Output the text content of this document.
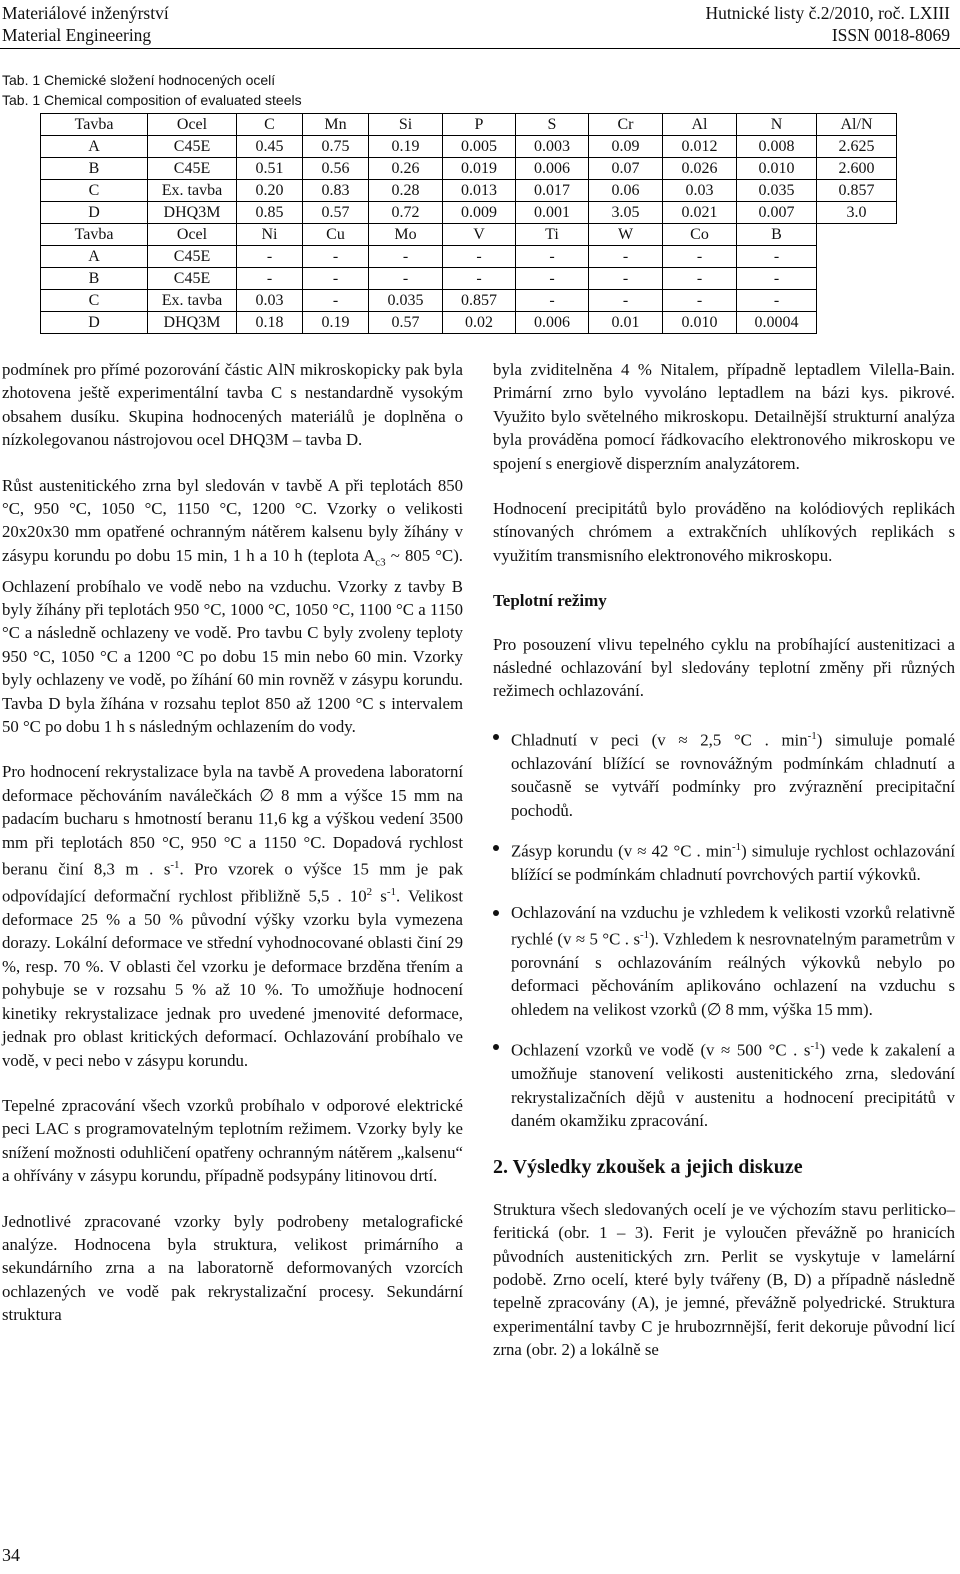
Materiálové inženýrství
Material Engineering
Hutnické listy č.2/2010, roč. LXIII
ISSN 0018-8069
Tab. 1 Chemické složení hodnocených ocelí
Tab. 1 Chemical composition of evaluated steels
Tavba	Ocel	C	Mn	Si	P	S	Cr	Al	N	Al/N
A	C45E	0.45	0.75	0.19	0.005	0.003	0.09	0.012	0.008	2.625
B	C45E	0.51	0.56	0.26	0.019	0.006	0.07	0.026	0.010	2.600
C	Ex. tavba	0.20	0.83	0.28	0.013	0.017	0.06	0.03	0.035	0.857
D	DHQ3M	0.85	0.57	0.72	0.009	0.001	3.05	0.021	0.007	3.0
Tavba	Ocel	Ni	Cu	Mo	V	Ti	W	Co	B	
A	C45E	-	-	-	-	-	-	-	-	
B	C45E	-	-	-	-	-	-	-	-	
C	Ex. tavba	0.03	-	0.035	0.857	-	-	-	-	
D	DHQ3M	0.18	0.19	0.57	0.02	0.006	0.01	0.010	0.0004	

podmínek pro přímé pozorování částic AlN mikroskopicky pak byla zhotovena ještě experimentální tavba C s nestandardně vysokým obsahem dusíku. Skupina hodnocených materiálů je doplněna o nízkolegovanou nástrojovou ocel DHQ3M – tavba D.

Růst austenitického zrna byl sledován v tavbě A při teplotách 850 °C, 950 °C, 1050 °C, 1150 °C, 1200 °C. Vzorky o velikosti 20x20x30 mm opatřené ochranným nátěrem kalsenu byly žíhány v zásypu korundu po dobu 15 min, 1 h a 10 h (teplota $A_{c3}$ ~ 805 °C). Ochlazení probíhalo ve vodě nebo na vzduchu. Vzorky z tavby B byly žíhány při teplotách 950 °C, 1000 °C, 1050 °C, 1100 °C a 1150 °C a následně ochlazeny ve vodě. Pro tavbu C byly zvoleny teploty 950 °C, 1050 °C a 1200 °C po dobu 15 min nebo 60 min. Vzorky byly ochlazeny ve vodě, po žíhání 60 min rovněž v zásypu korundu. Tavba D byla žíhána v rozsahu teplot 850 až 1200 °C s intervalem 50 °C po dobu 1 h s následným ochlazením do vody.

Pro hodnocení rekrystalizace byla na tavbě A provedena laboratorní deformace pěchováním naválečkách ∅ 8 mm a výšce 15 mm na padacím bucharu s hmotností beranu 11,6 kg a výškou vedení 3500 mm při teplotách 850 °C, 950 °C a 1150 °C. Dopadová rychlost beranu činí 8,3 m . $s^{-1}$. Pro vzorek o výšce 15 mm je pak odpovídající deformační rychlost přibližně 5,5 . $10^2$ $s^{-1}$. Velikost deformace 25 % a 50 % původní výšky vzorku byla vymezena dorazy. Lokální deformace ve střední vyhodnocované oblasti činí 29 %, resp. 70 %. V oblasti čel vzorku je deformace brzděna třením a pohybuje se v rozsahu 5 % až 10 %. To umožňuje hodnocení kinetiky rekrystalizace jednak pro uvedené jmenovité deformace, jednak pro oblast kritických deformací. Ochlazování probíhalo ve vodě, v peci nebo v zásypu korundu.

Tepelné zpracování všech vzorků probíhalo v odporové elektrické peci LAC s programovatelným teplotním režimem. Vzorky byly ke snížení možnosti oduhličení opatřeny ochranným nátěrem „kalsenu“ a ohřívány v zásypu korundu, případně podsypány litinovou drtí.

Jednotlivé zpracované vzorky byly podrobeny metalografické analýze. Hodnocena byla struktura, velikost primárního a sekundárního zrna a na laboratorně deformovaných vzorcích ochlazených ve vodě pak rekrystalizační procesy. Sekundární struktura

byla zviditelněna 4 % Nitalem, případně leptadlem Vilella-Bain. Primární zrno bylo vyvoláno leptadlem na bázi kys. pikrové. Využito bylo světelného mikroskopu. Detailnější strukturní analýza byla prováděna pomocí řádkovacího elektronového mikroskopu ve spojení s energiově disperzním analyzátorem.

Hodnocení precipitátů bylo prováděno na kolódiových replikách stínovaných chrómem a extrakčních uhlíkových replikách s využitím transmisního elektronového mikroskopu.

Teplotní režimy

Pro posouzení vlivu tepelného cyklu na probíhající austenitizaci a následné ochlazování byl sledovány teplotní změny při různých režimech ochlazování.

Chladnutí v peci (v ≈ 2,5 °C . $\min^{-1}$) simuluje pomalé ochlazování blížící se rovnovážným podmínkám chladnutí a současně se vytváří podmínky pro zvýraznění precipitační pochodů.
Zásyp korundu (v ≈ 42 °C . $\min^{-1}$) simuluje rychlost ochlazování blížící se podmínkám chladnutí povrchových partií výkovků.
Ochlazování na vzduchu je vzhledem k velikosti vzorků relativně rychlé (v ≈ 5 °C . $s^{-1}$). Vzhledem k nesrovnatelným parametrům v porovnání s ochlazováním reálných výkovků nebylo po deformaci pěchováním aplikováno ochlazení na vzduchu s ohledem na velikost vzorků (∅ 8 mm, výška 15 mm).
Ochlazení vzorků ve vodě (v ≈ 500 °C . $s^{-1}$) vede k zakalení a umožňuje stanovení velikosti austenitického zrna, sledování rekrystalizačních dějů v austenitu a hodnocení precipitátů v daném okamžiku zpracování.

2. Výsledky zkoušek a jejich diskuze

Struktura všech sledovaných ocelí je ve výchozím stavu perliticko–feritická (obr. 1 – 3). Ferit je vyloučen převážně po hranicích původních austenitických zrn. Perlit se vyskytuje v lamelární podobě. Zrno ocelí, které byly tvářeny (B, D) a případně následně tepelně zpracovány (A), je jemné, převážně polyedrické. Struktura experimentální tavby C je hrubozrnnější, ferit dekoruje původní licí zrna (obr. 2) a lokálně se

34
